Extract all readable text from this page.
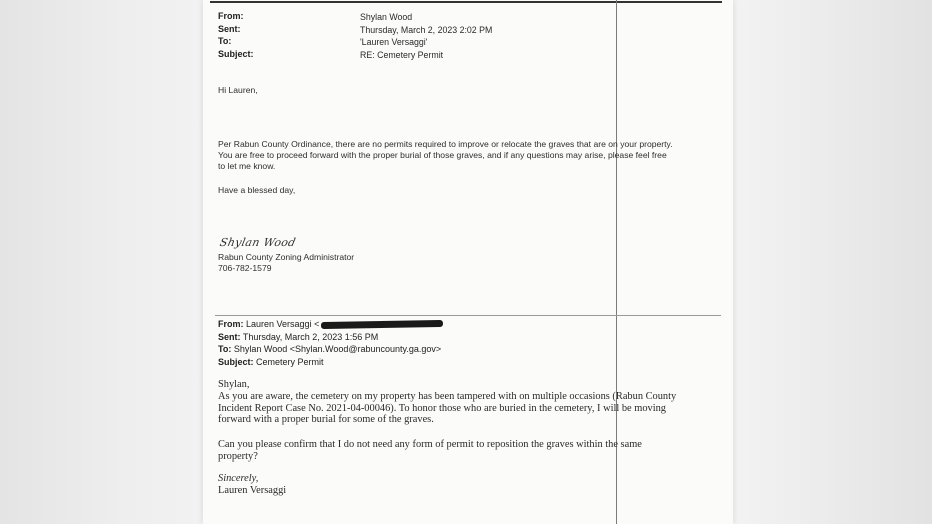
From:
Sent:
To:
Subject:
Shylan Wood
Thursday, March 2, 2023 2:02 PM
'Lauren Versaggi'
RE: Cemetery Permit
Hi Lauren,
Per Rabun County Ordinance, there are no permits required to improve or relocate the graves that are on your property.
You are free to proceed forward with the proper burial of those graves, and if any questions may arise, please feel free
to let me know.
Have a blessed day,
Shylan Wood
Rabun County Zoning Administrator
706-782-1579
From: Lauren Versaggi <
Sent: Thursday, March 2, 2023 1:56 PM
To: Shylan Wood <Shylan.Wood@rabuncounty.ga.gov>
Subject: Cemetery Permit
Shylan,
As you are aware, the cemetery on my property has been tampered with on multiple occasions (Rabun County
Incident Report Case No. 2021-04-00046). To honor those who are buried in the cemetery, I will be moving
forward with a proper burial for some of the graves.
Can you please confirm that I do not need any form of permit to reposition the graves within the same
property?
Sincerely,
Lauren Versaggi
